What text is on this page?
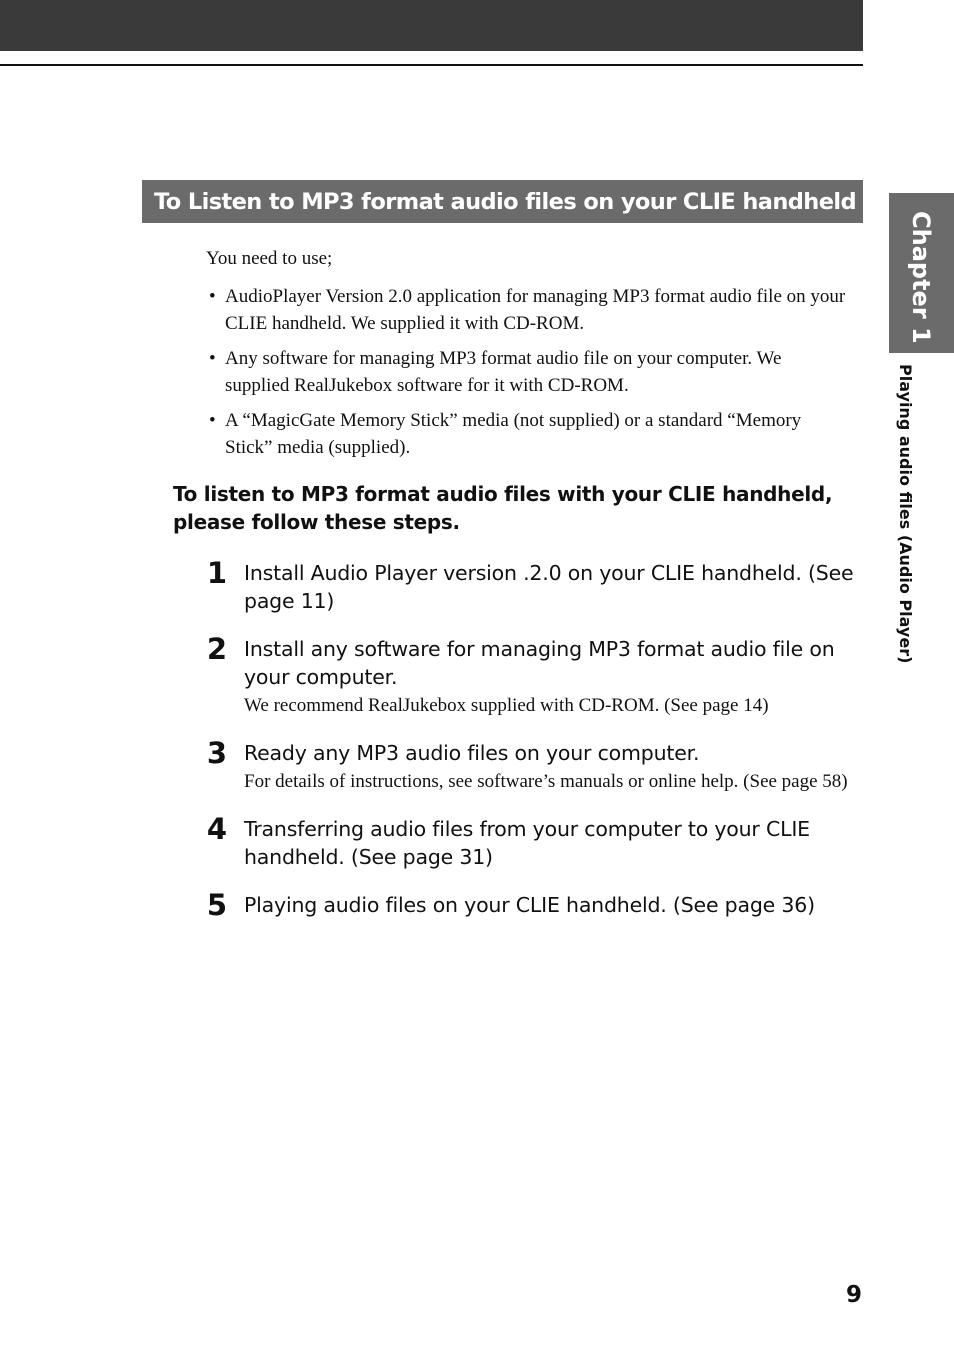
To Listen to MP3 format audio files on your CLIE handheld
You need to use;
• AudioPlayer Version 2.0 application for managing MP3 format audio file on your CLIE handheld. We supplied it with CD-ROM.
• Any software for managing MP3 format audio file on your computer. We supplied RealJukebox software for it with CD-ROM.
• A “MagicGate Memory Stick” media (not supplied) or a standard “Memory Stick” media (supplied).
To listen to MP3 format audio files with your CLIE handheld, please follow these steps.
1 Install Audio Player version .2.0 on your CLIE handheld. (See page 11)
2 Install any software for managing MP3 format audio file on your computer.
We recommend RealJukebox supplied with CD-ROM. (See page 14)
3 Ready any MP3 audio files on your computer.
For details of instructions, see software’s manuals or online help. (See page 58)
4 Transferring audio files from your computer to your CLIE handheld. (See page 31)
5 Playing audio files on your CLIE handheld. (See page 36)
Chapter 1
Playing audio files (Audio Player)
9
